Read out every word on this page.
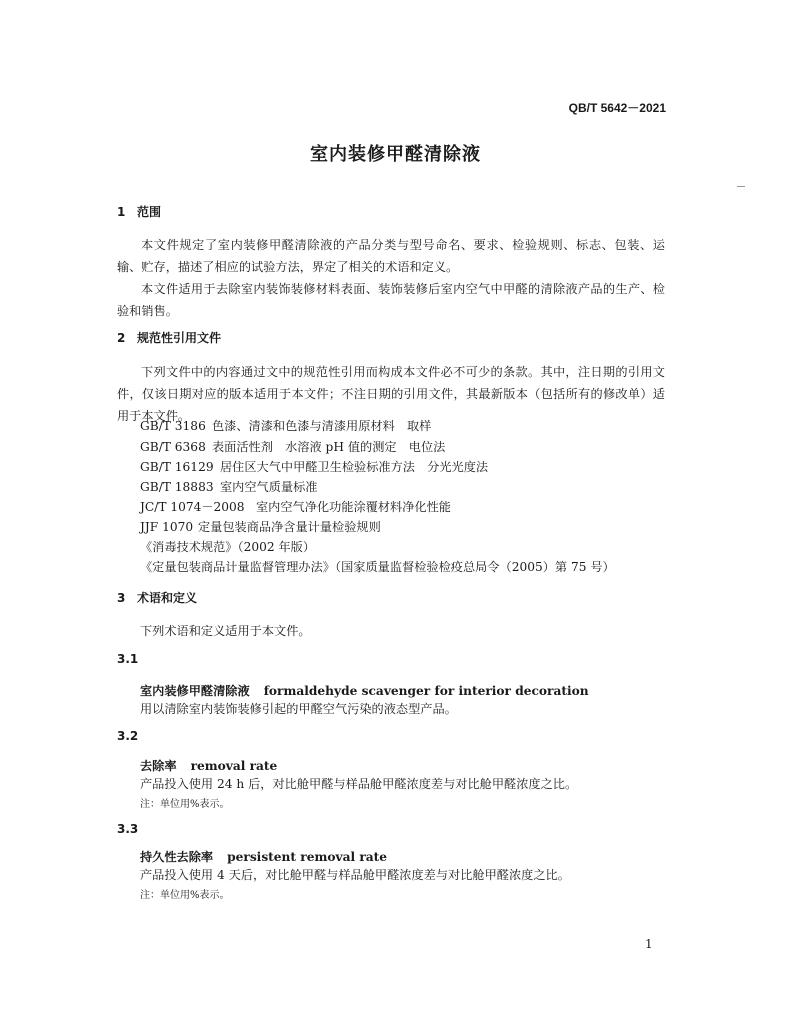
QB/T 5642－2021
室内装修甲醛清除液
1 范围
本文件规定了室内装修甲醛清除液的产品分类与型号命名、要求、检验规则、标志、包装、运输、贮存，描述了相应的试验方法，界定了相关的术语和定义。
本文件适用于去除室内装饰装修材料表面、装饰装修后室内空气中甲醛的清除液产品的生产、检验和销售。
2 规范性引用文件
下列文件中的内容通过文中的规范性引用而构成本文件必不可少的条款。其中，注日期的引用文件，仅该日期对应的版本适用于本文件；不注日期的引用文件，其最新版本（包括所有的修改单）适用于本文件。
GB/T 3186 色漆、清漆和色漆与清漆用原材料　取样
GB/T 6368 表面活性剂　水溶液 pH 值的测定　电位法
GB/T 16129 居住区大气中甲醛卫生检验标准方法　分光光度法
GB/T 18883 室内空气质量标准
JC/T 1074－2008 室内空气净化功能涂覆材料净化性能
JJF 1070 定量包装商品净含量计量检验规则
《消毒技术规范》（2002 年版）
《定量包装商品计量监督管理办法》（国家质量监督检验检疫总局令（2005）第 75 号）
3 术语和定义
下列术语和定义适用于本文件。
3.1
室内装修甲醛清除液 formaldehyde scavenger for interior decoration
用以清除室内装饰装修引起的甲醛空气污染的液态型产品。
3.2
去除率 removal rate
产品投入使用 24 h 后，对比舱甲醛与样品舱甲醛浓度差与对比舱甲醛浓度之比。
注：单位用%表示。
3.3
持久性去除率 persistent removal rate
产品投入使用 4 天后，对比舱甲醛与样品舱甲醛浓度差与对比舱甲醛浓度之比。
注：单位用%表示。
1
